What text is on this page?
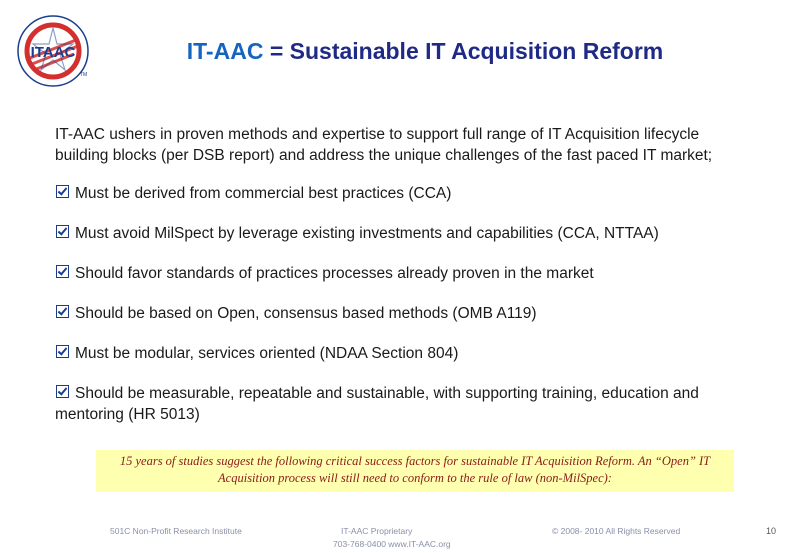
ITAAC
TM
IT-AAC = Sustainable IT Acquisition Reform
IT-AAC ushers in proven methods and expertise to support full range of IT Acquisition lifecycle building blocks (per DSB report) and address the unique challenges of the fast paced IT market;
Must be derived from commercial best practices (CCA)
Must avoid MilSpect by leverage existing investments and capabilities (CCA, NTTAA)
Should favor standards of practices processes already proven in the market
Should be based on Open, consensus based methods (OMB A119)
Must be modular, services oriented (NDAA Section 804)
Should be measurable, repeatable and sustainable, with supporting training, education and mentoring (HR 5013)
15 years of studies suggest the following critical success factors for sustainable IT Acquisition Reform. An “Open” IT Acquisition process will still need to conform to the rule of law (non-MilSpec):
501C Non-Profit Research Institute	IT-AAC Proprietary
703-768-0400 www.IT-AAC.org
© 2008- 2010 All Rights Reserved	10
